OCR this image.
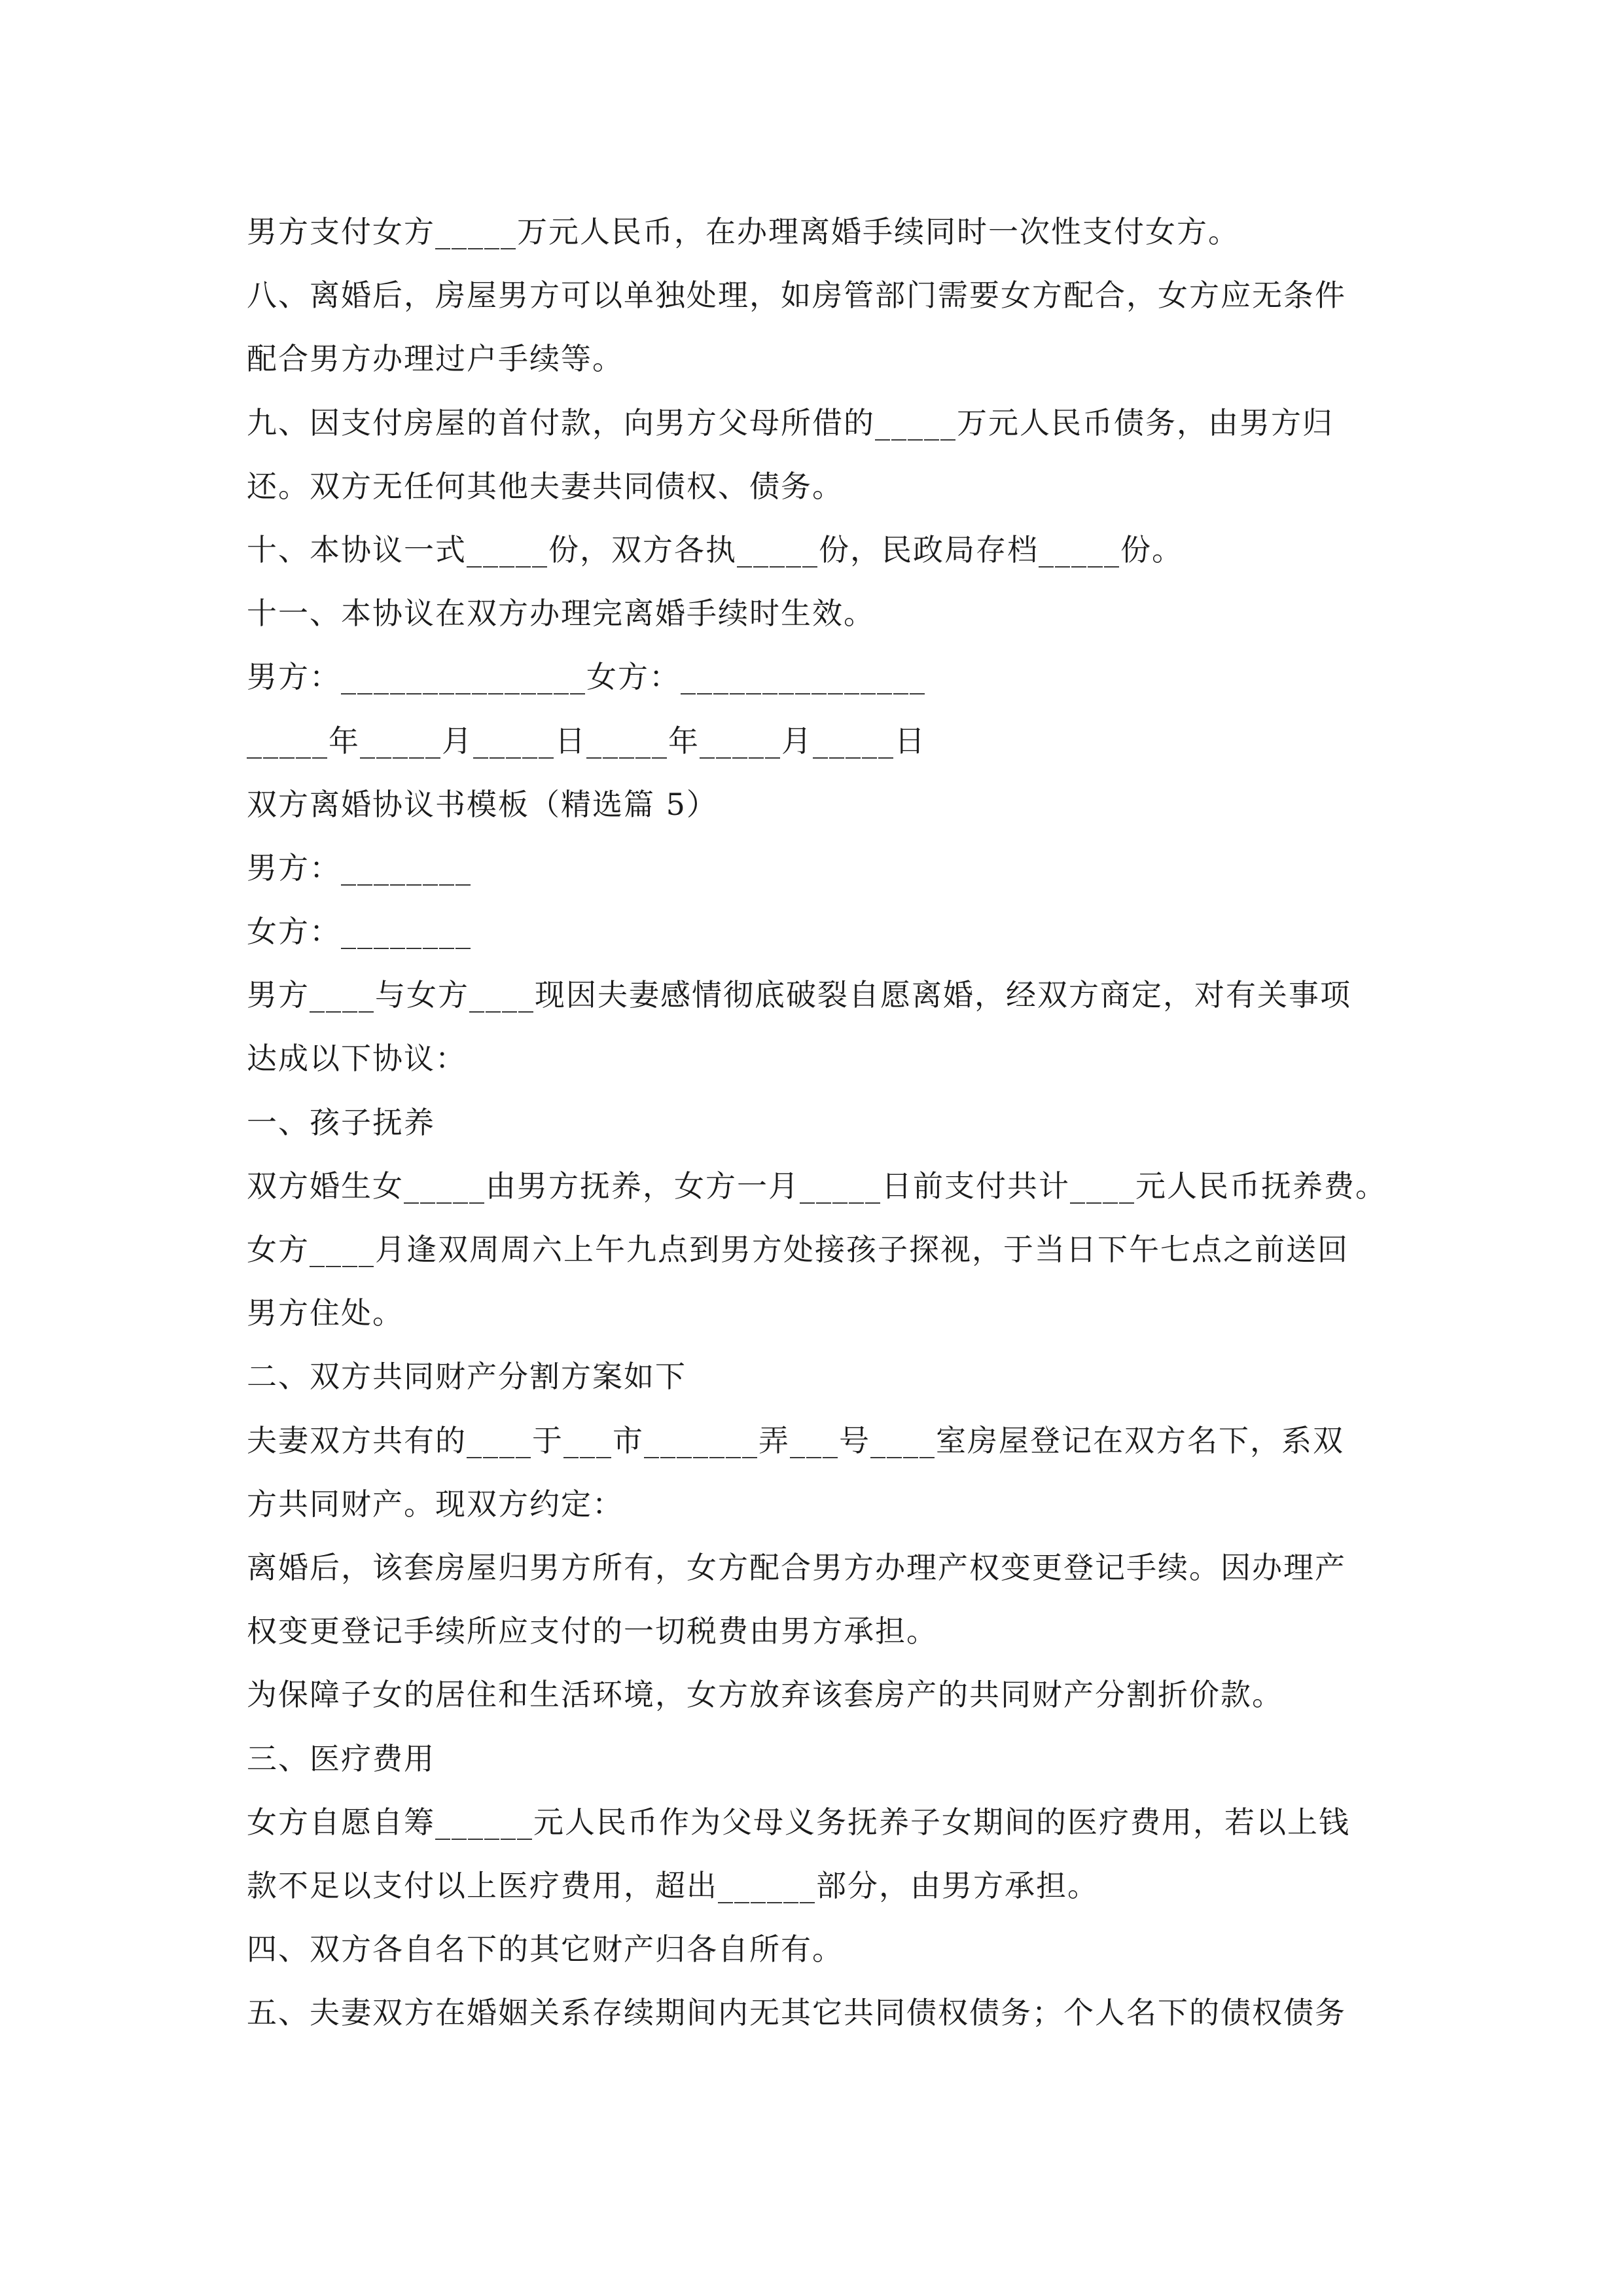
男方支付女方_____万元人民币，在办理离婚手续同时一次性支付女方。
八、离婚后，房屋男方可以单独处理，如房管部门需要女方配合，女方应无条件
配合男方办理过户手续等。
九、因支付房屋的首付款，向男方父母所借的_____万元人民币债务，由男方归
还。双方无任何其他夫妻共同债权、债务。
十、本协议一式_____份，双方各执_____份，民政局存档_____份。
十一、本协议在双方办理完离婚手续时生效。
男方：_______________女方：_______________
_____年_____月_____日_____年_____月_____日
双方离婚协议书模板（精选篇 5）
男方：________
女方：________
男方____与女方____现因夫妻感情彻底破裂自愿离婚，经双方商定，对有关事项
达成以下协议：
一、孩子抚养
双方婚生女_____由男方抚养，女方一月_____日前支付共计____元人民币抚养费。
女方____月逢双周周六上午九点到男方处接孩子探视，于当日下午七点之前送回
男方住处。
二、双方共同财产分割方案如下
夫妻双方共有的____于___市_______弄___号____室房屋登记在双方名下，系双
方共同财产。现双方约定：
离婚后，该套房屋归男方所有，女方配合男方办理产权变更登记手续。因办理产
权变更登记手续所应支付的一切税费由男方承担。
为保障子女的居住和生活环境，女方放弃该套房产的共同财产分割折价款。
三、医疗费用
女方自愿自筹______元人民币作为父母义务抚养子女期间的医疗费用，若以上钱
款不足以支付以上医疗费用，超出______部分，由男方承担。
四、双方各自名下的其它财产归各自所有。
五、夫妻双方在婚姻关系存续期间内无其它共同债权债务；个人名下的债权债务
